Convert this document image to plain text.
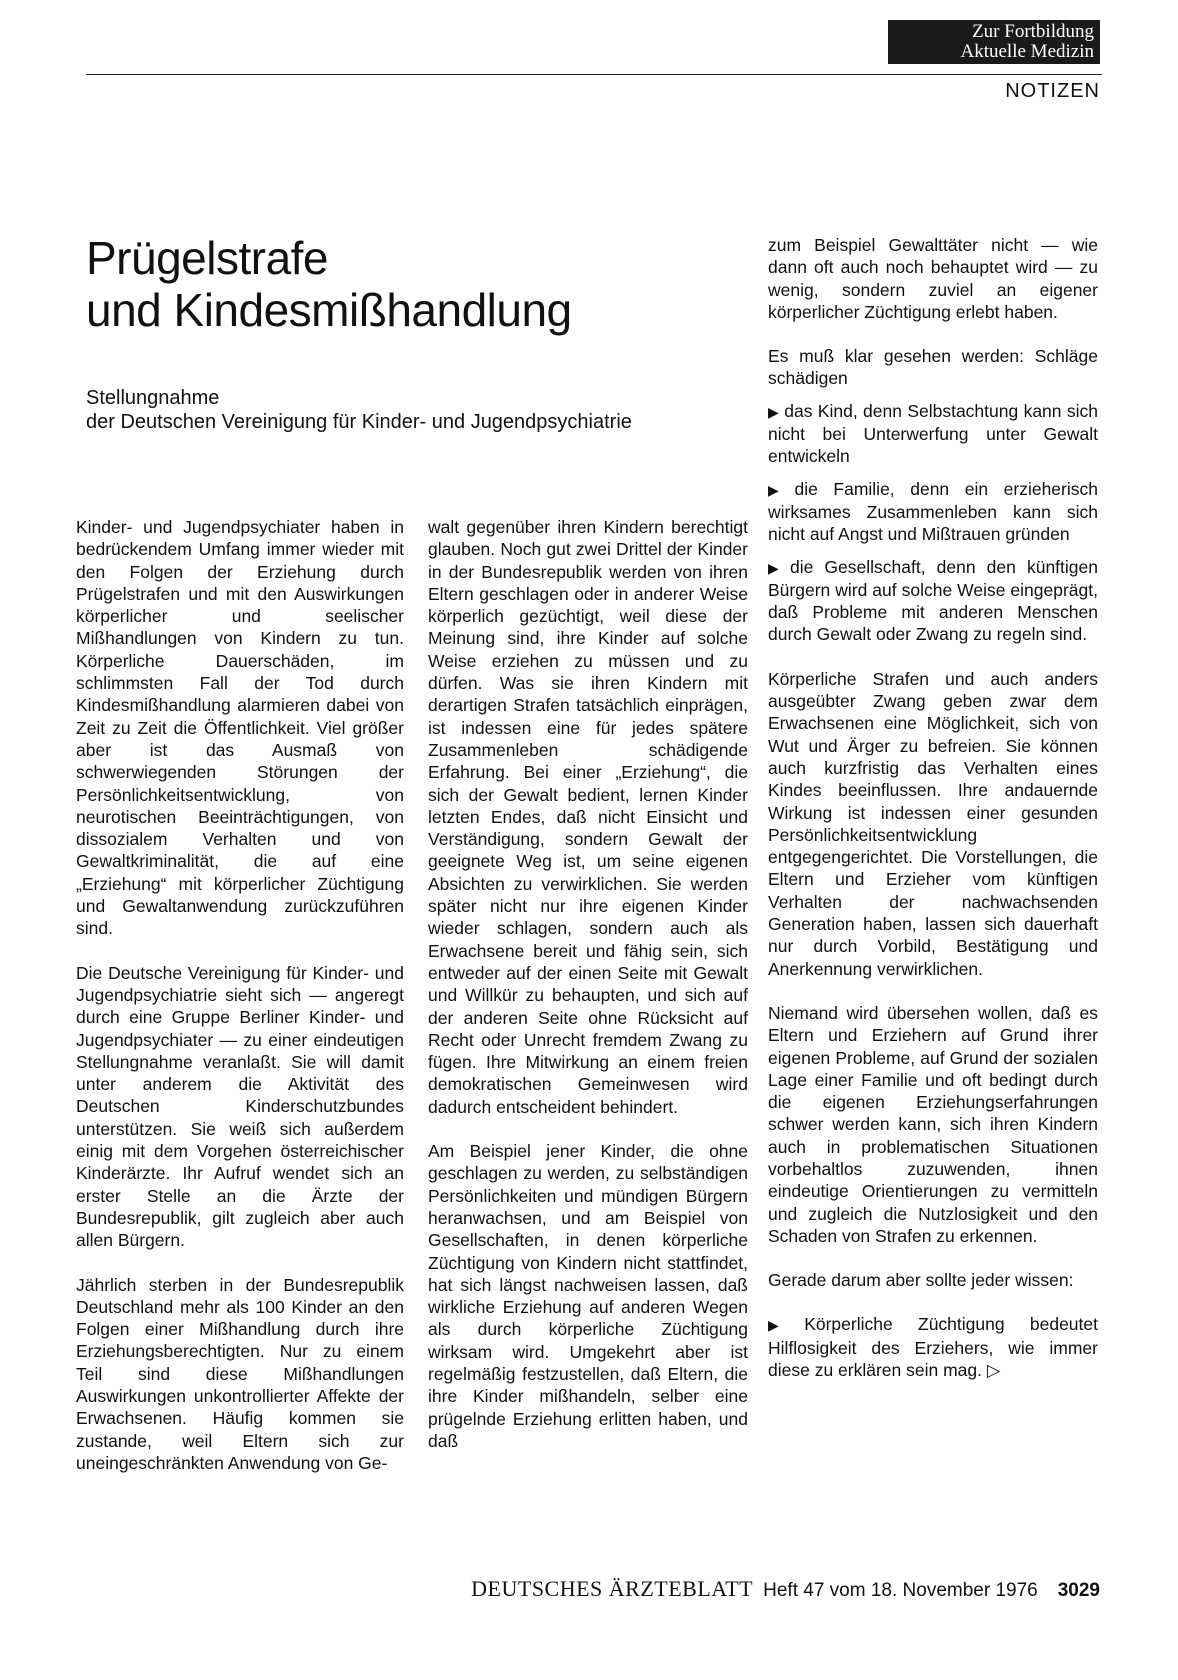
Zur Fortbildung
Aktuelle Medizin
NOTIZEN
Prügelstrafe
und Kindesmißhandlung
Stellungnahme
der Deutschen Vereinigung für Kinder- und Jugendpsychiatrie

Kinder- und Jugendpsychiater haben in bedrückendem Umfang immer wieder mit den Folgen der Erziehung durch Prügelstrafen und mit den Auswirkungen körperlicher und seelischer Mißhandlungen von Kindern zu tun. Körperliche Dauerschäden, im schlimmsten Fall der Tod durch Kindesmißhandlung alarmieren dabei von Zeit zu Zeit die Öffentlichkeit. Viel größer aber ist das Ausmaß von schwerwiegenden Störungen der Persönlichkeitsentwicklung, von neurotischen Beeinträchtigungen, von dissozialem Verhalten und von Gewaltkriminalität, die auf eine „Erziehung“ mit körperlicher Züchtigung und Gewaltanwendung zurückzuführen sind.

Die Deutsche Vereinigung für Kinder- und Jugendpsychiatrie sieht sich — angeregt durch eine Gruppe Berliner Kinder- und Jugendpsychiater — zu einer eindeutigen Stellungnahme veranlaßt. Sie will damit unter anderem die Aktivität des Deutschen Kinderschutzbundes unterstützen. Sie weiß sich außerdem einig mit dem Vorgehen österreichischer Kinderärzte. Ihr Aufruf wendet sich an erster Stelle an die Ärzte der Bundesrepublik, gilt zugleich aber auch allen Bürgern.

Jährlich sterben in der Bundesrepublik Deutschland mehr als 100 Kinder an den Folgen einer Mißhandlung durch ihre Erziehungsberechtigten. Nur zu einem Teil sind diese Mißhandlungen Auswirkungen unkontrollierter Affekte der Erwachsenen. Häufig kommen sie zustande, weil Eltern sich zur uneingeschränkten Anwendung von Ge-

walt gegenüber ihren Kindern berechtigt glauben. Noch gut zwei Drittel der Kinder in der Bundesrepublik werden von ihren Eltern geschlagen oder in anderer Weise körperlich gezüchtigt, weil diese der Meinung sind, ihre Kinder auf solche Weise erziehen zu müssen und zu dürfen. Was sie ihren Kindern mit derartigen Strafen tatsächlich einprägen, ist indessen eine für jedes spätere Zusammenleben schädigende Erfahrung. Bei einer „Erziehung“, die sich der Gewalt bedient, lernen Kinder letzten Endes, daß nicht Einsicht und Verständigung, sondern Gewalt der geeignete Weg ist, um seine eigenen Absichten zu verwirklichen. Sie werden später nicht nur ihre eigenen Kinder wieder schlagen, sondern auch als Erwachsene bereit und fähig sein, sich entweder auf der einen Seite mit Gewalt und Willkür zu behaupten, und sich auf der anderen Seite ohne Rücksicht auf Recht oder Unrecht fremdem Zwang zu fügen. Ihre Mitwirkung an einem freien demokratischen Gemeinwesen wird dadurch entscheident behindert.

Am Beispiel jener Kinder, die ohne geschlagen zu werden, zu selbständigen Persönlichkeiten und mündigen Bürgern heranwachsen, und am Beispiel von Gesellschaften, in denen körperliche Züchtigung von Kindern nicht stattfindet, hat sich längst nachweisen lassen, daß wirkliche Erziehung auf anderen Wegen als durch körperliche Züchtigung wirksam wird. Umgekehrt aber ist regelmäßig festzustellen, daß Eltern, die ihre Kinder mißhandeln, selber eine prügelnde Erziehung erlitten haben, und daß

zum Beispiel Gewalttäter nicht — wie dann oft auch noch behauptet wird — zu wenig, sondern zuviel an eigener körperlicher Züchtigung erlebt haben.

Es muß klar gesehen werden: Schläge schädigen

▶ das Kind, denn Selbstachtung kann sich nicht bei Unterwerfung unter Gewalt entwickeln

▶ die Familie, denn ein erzieherisch wirksames Zusammenleben kann sich nicht auf Angst und Mißtrauen gründen

▶ die Gesellschaft, denn den künftigen Bürgern wird auf solche Weise eingeprägt, daß Probleme mit anderen Menschen durch Gewalt oder Zwang zu regeln sind.

Körperliche Strafen und auch anders ausgeübter Zwang geben zwar dem Erwachsenen eine Möglichkeit, sich von Wut und Ärger zu befreien. Sie können auch kurzfristig das Verhalten eines Kindes beeinflussen. Ihre andauernde Wirkung ist indessen einer gesunden Persönlichkeitsentwicklung entgegengerichtet. Die Vorstellungen, die Eltern und Erzieher vom künftigen Verhalten der nachwachsenden Generation haben, lassen sich dauerhaft nur durch Vorbild, Bestätigung und Anerkennung verwirklichen.

Niemand wird übersehen wollen, daß es Eltern und Erziehern auf Grund ihrer eigenen Probleme, auf Grund der sozialen Lage einer Familie und oft bedingt durch die eigenen Erziehungserfahrungen schwer werden kann, sich ihren Kindern auch in problematischen Situationen vorbehaltlos zuzuwenden, ihnen eindeutige Orientierungen zu vermitteln und zugleich die Nutzlosigkeit und den Schaden von Strafen zu erkennen.

Gerade darum aber sollte jeder wissen:

▶ Körperliche Züchtigung bedeutet Hilflosigkeit des Erziehers, wie immer diese zu erklären sein mag. ▷

DEUTSCHES ÄRZTEBLATT Heft 47 vom 18. November 1976 3029
